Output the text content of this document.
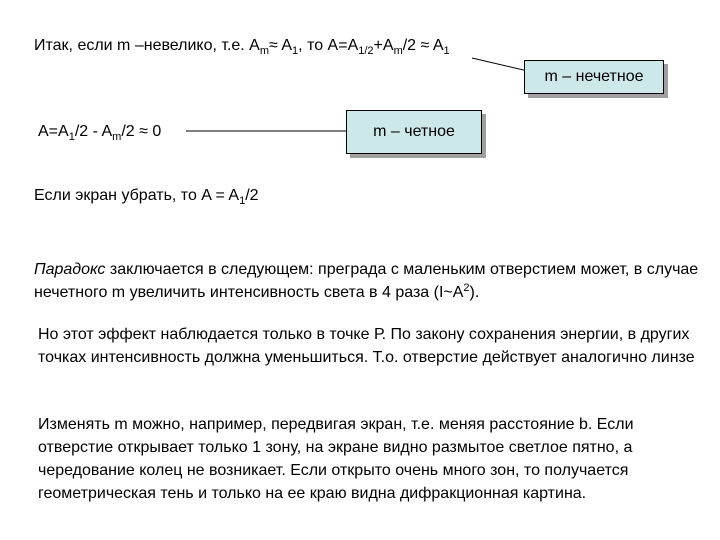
Итак, если m –невелико, т.е. $A_m\approx A_1$, то $A=A_{1/2}+A_m/2 \approx A_1$
m – нечетное
$A=A_1/2 - A_m/2 \approx 0$	m – четное
Если экран убрать, то $A = A_1/2$
Парадокс заключается в следующем: преграда с маленьким отверстием может, в случае нечетного m увеличить интенсивность света в 4 раза $(I\sim A^2)$.
Но этот эффект наблюдается только в точке Р. По закону сохранения энергии, в других точках интенсивность должна уменьшиться. Т.о. отверстие действует аналогично линзе
Изменять m можно, например, передвигая экран, т.е. меняя расстояние b. Если отверстие открывает только 1 зону, на экране видно размытое светлое пятно, а чередование колец не возникает. Если открыто очень много зон, то получается геометрическая тень и только на ее краю видна дифракционная картина.
